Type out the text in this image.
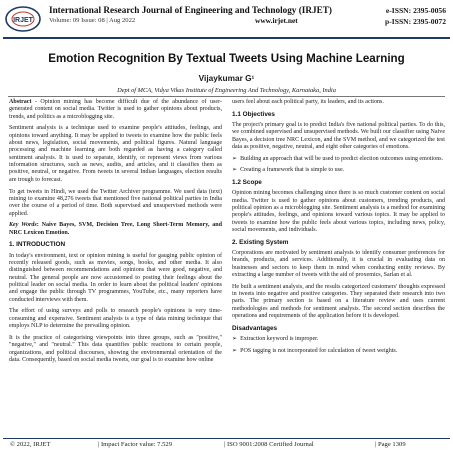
IRJET
International Research Journal of Engineering and Technology (IRJET)
Volume: 09 Issue: 08 | Aug 2022	www.irjet.net
e-ISSN: 2395-0056
p-ISSN: 2395-0072
Emotion Recognition By Textual Tweets Using Machine Learning
Vijaykumar G¹
Dept of MCA, Vidya Vikas Institute of Engineering And Technology, Karnataka, India

Abstract - Opinion mining has become difficult due of the abundance of user-generated content on social media. Twitter is used to gather opinions about products, trends, and politics as a microblogging site.

Sentiment analysis is a technique used to examine people's attitudes, feelings, and opinions toward anything. It may be applied to tweets to examine how the public feels about news, legislation, social movements, and political figures. Natural language processing and machine learning are both regarded as having a category called sentiment analysis. It is used to separate, identify, or represent views from various information structures, such as news, audits, and articles, and it classifies them as positive, neutral, or negative. From tweets in several Indian languages, election results are trough to forecast.

To get tweets in Hindi, we used the Twitter Archiver programme. We used data (text) mining to examine 48,276 tweets that mentioned five national political parties in India over the course of a period of time. Both supervised and unsupervised methods were applied.

Key Words: Naive Bayes, SVM, Decision Tree, Long Short-Term Memory, and NRC Lexicon Emotion.

1. INTRODUCTION

In today's environment, text or opinion mining is useful for gauging public opinion of recently released goods, such as movies, songs, books, and other media. It also distinguished between recommendations and opinions that were good, negative, and neutral. The general people are now accustomed to posting their feelings about the political leader on social media. In order to learn about the political leaders' opinions and engage the public through TV programmes, YouTube, etc., many reporters have conducted interviews with them.

The effort of using surveys and polls to research people's opinions is very time- consuming and expensive. Sentiment analysis is a type of data mining technique that employs NLP to determine the prevailing opinion.

It is the practice of categorising viewpoints into three groups, such as "positive," "negative," and "neutral." This data quantifies public reactions to certain people, organizations, and political discourses, showing the environmental orientation of the data. Consequently, based on social media tweets, our goal is to examine how online

users feel about each political party, its leaders, and its actions.

1.1 Objectives

The project's primary goal is to predict India's five national political parties. To do this, we combined supervised and unsupervised methods. We built our classifier using Naive Bayes, a decision tree NRC Lexicon, and the SVM method, and we categorized the test data as positive, negative, neutral, and eight other categories of emotions.

➢ Building an approach that will be used to predict election outcomes using emotions.
➢ Creating a framework that is simple to use.
1.2 Scope

Opinion mining becomes challenging since there is so much customer content on social media. Twitter is used to gather opinions about customers, trending products, and political opinion as a microblogging site. Sentiment analysis is a method for examining people's attitudes, feelings, and opinions toward various topics. It may be applied to tweets to examine how the public feels about various topics, including news, policy, social movements, and individuals.

2. Existing System

Corporations are motivated by sentiment analysis to identify consumer preferences for brands, products, and services. Additionally, it is crucial in evaluating data on businesses and sectors to keep them in mind when conducting entity reviews. By extracting a large number of tweets with the aid of proxemics, Sarlan et al.

He built a sentiment analysis, and the results categorized customers' thoughts expressed in tweets into negative and positive categories. They separated their research into two parts. The primary section is based on a literature review and uses current methodologies and methods for sentiment analysis. The second section describes the operations and requirements of the application before it is developed.

Disadvantages
➢ Extraction keyword is improper.
➢ POS tagging is not incorporated for calculation of tweet weights.
© 2022, IRJET	| Impact Factor value: 7.529	| ISO 9001:2008 Certified Journal	| Page 1309
